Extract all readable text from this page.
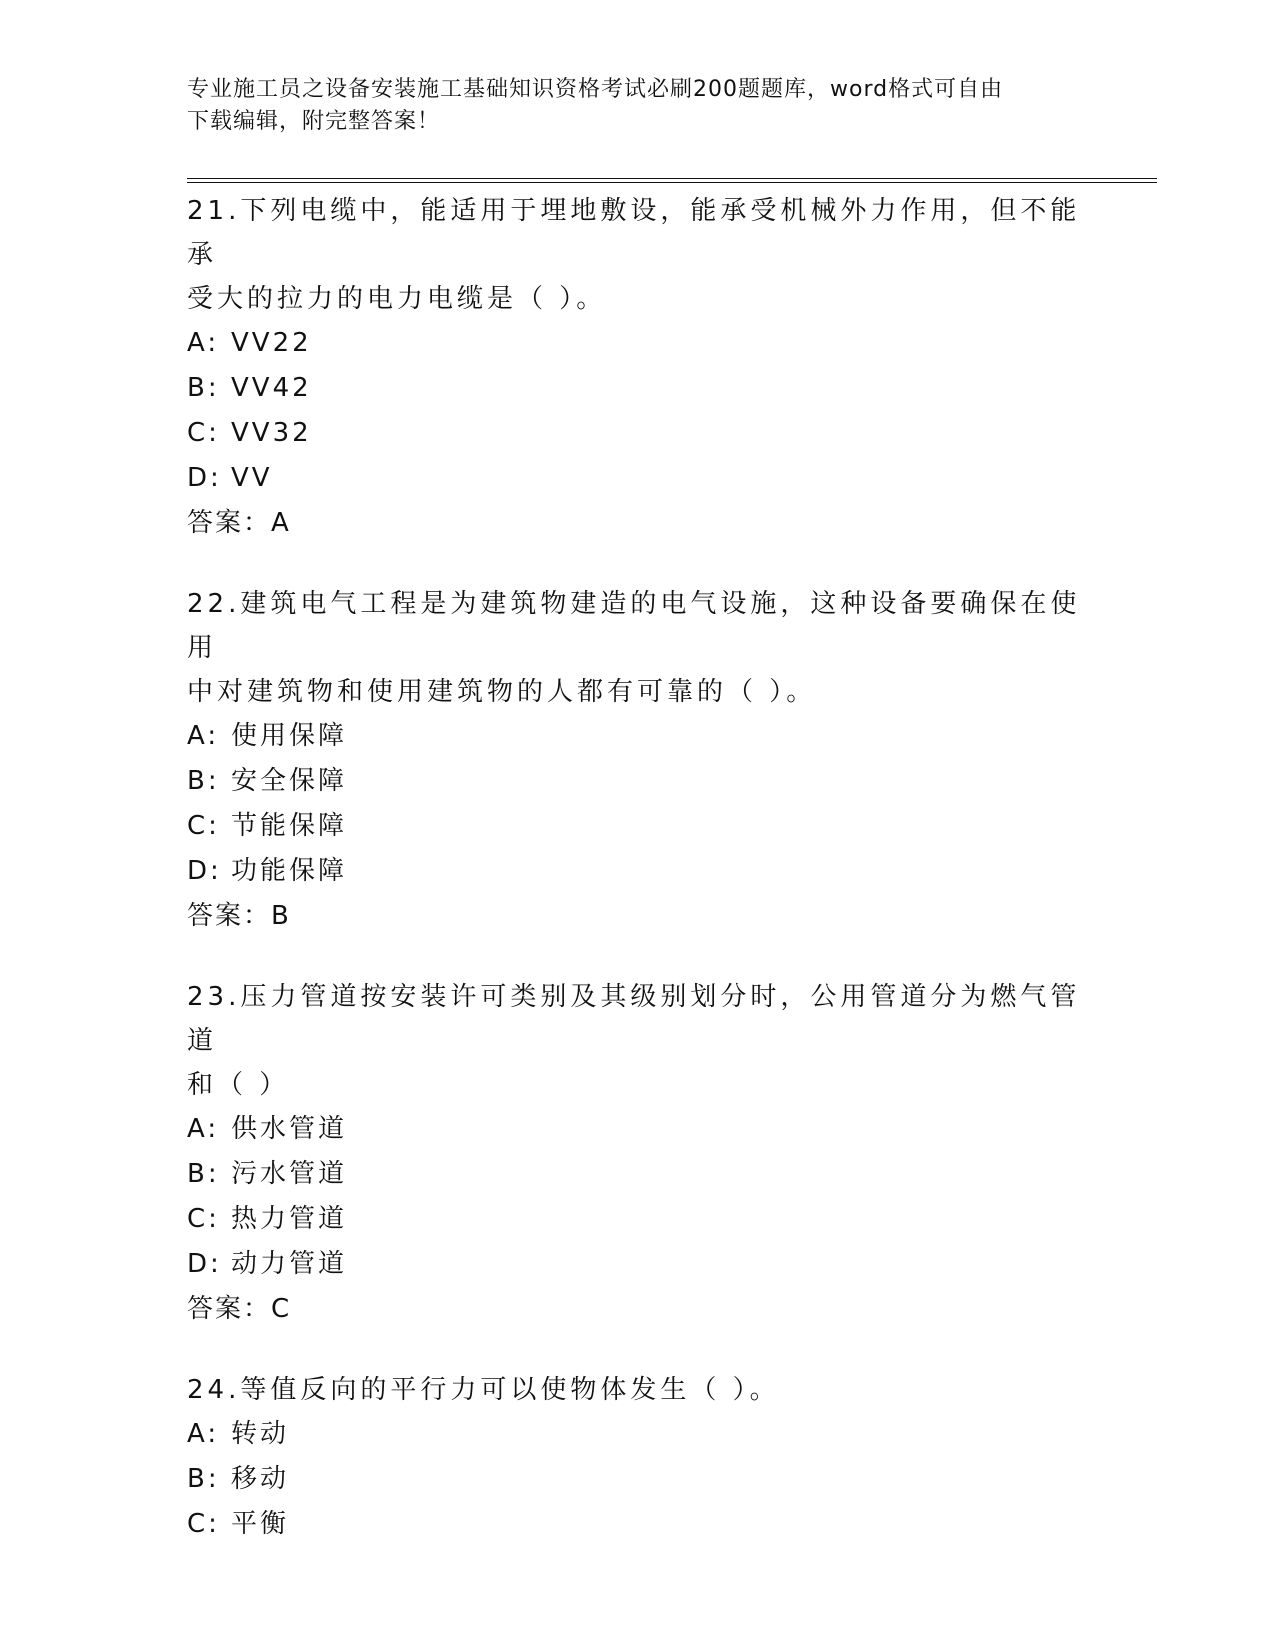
专业施工员之设备安装施工基础知识资格考试必刷200题题库，word格式可自由
下载编辑，附完整答案！
21.下列电缆中，能适用于埋地敷设，能承受机械外力作用，但不能承
受大的拉力的电力电缆是（ ）。
A: VV22
B: VV42
C: VV32
D: VV
答案：A
22.建筑电气工程是为建筑物建造的电气设施，这种设备要确保在使用
中对建筑物和使用建筑物的人都有可靠的（ ）。
A: 使用保障
B: 安全保障
C: 节能保障
D: 功能保障
答案：B
23.压力管道按安装许可类别及其级别划分时，公用管道分为燃气管道
和（ ）
A: 供水管道
B: 污水管道
C: 热力管道
D: 动力管道
答案：C
24.等值反向的平行力可以使物体发生（ ）。
A: 转动
B: 移动
C: 平衡
